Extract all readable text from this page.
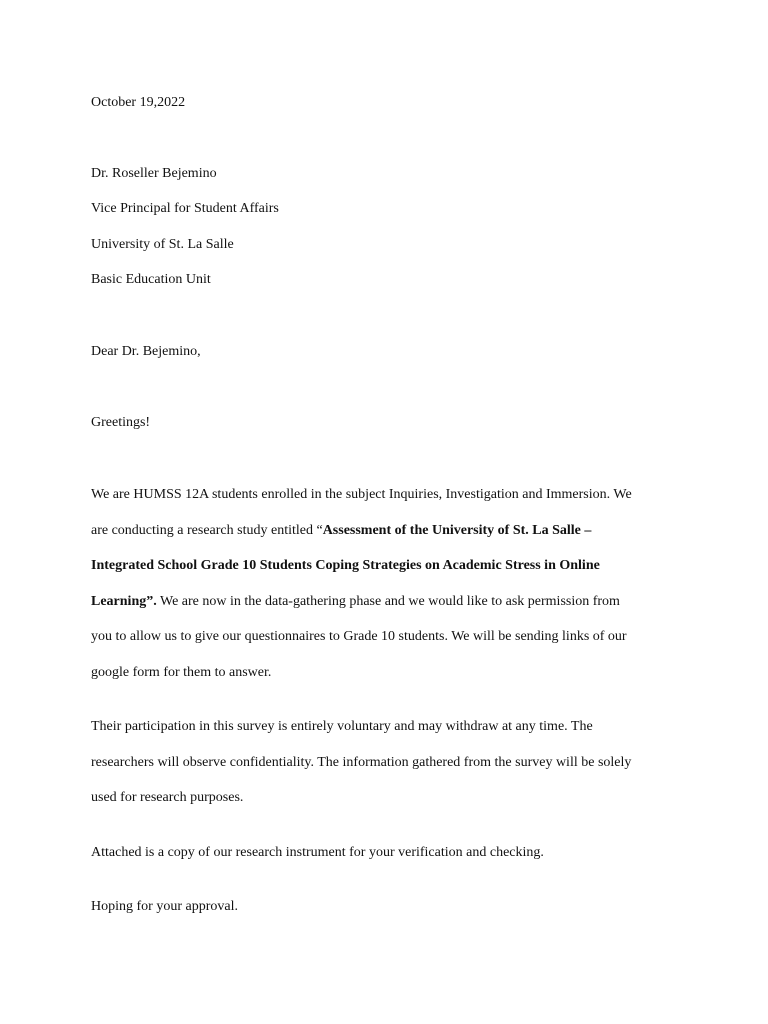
October 19,2022
Dr. Roseller Bejemino
Vice Principal for Student Affairs
University of St. La Salle
Basic Education Unit
Dear Dr. Bejemino,
Greetings!

We are HUMSS 12A students enrolled in the subject Inquiries, Investigation and Immersion. We

are conducting a research study entitled “Assessment of the University of St. La Salle –

Integrated School Grade 10 Students Coping Strategies on Academic Stress in Online

Learning”. We are now in the data-gathering phase and we would like to ask permission from

you to allow us to give our questionnaires to Grade 10 students. We will be sending links of our

google form for them to answer.

Their participation in this survey is entirely voluntary and may withdraw at any time. The

researchers will observe confidentiality. The information gathered from the survey will be solely

used for research purposes.

Attached is a copy of our research instrument for your verification and checking.
Hoping for your approval.
